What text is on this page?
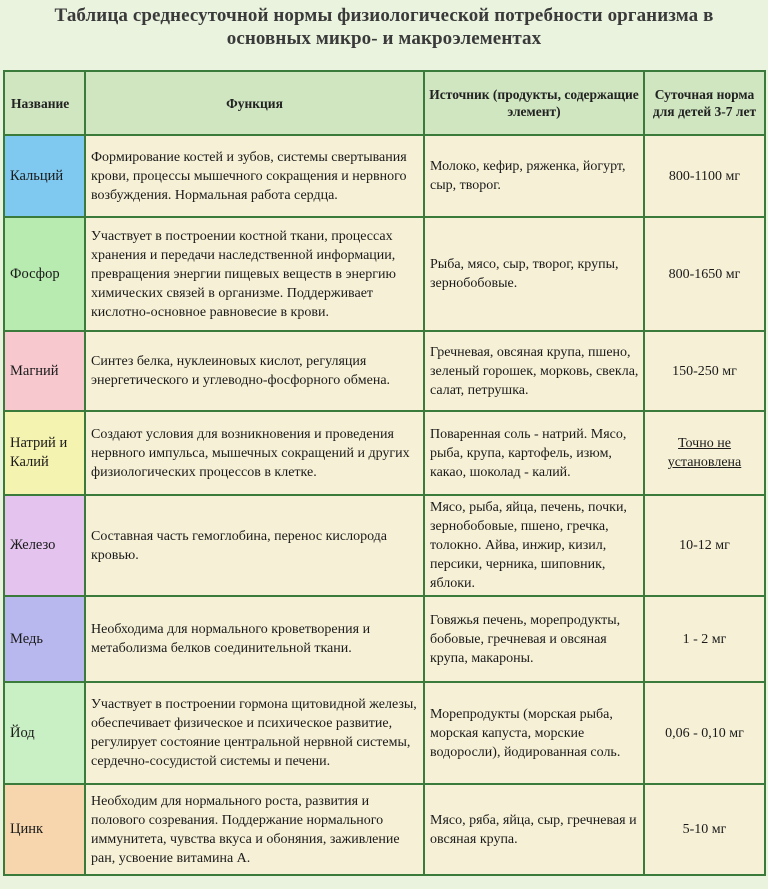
Таблица среднесуточной нормы физиологической потребности организма в
основных микро- и макроэлементах
Название	Функция	Источник (продукты, содержащие элемент)	Суточная норма для детей 3-7 лет
Кальций	Формирование костей и зубов, системы свертывания крови, процессы мышечного сокращения и нервного возбуждения. Нормальная работа сердца.	Молоко, кефир, ряженка, йогурт, сыр, творог.	800-1100 мг
Фосфор	Участвует в построении костной ткани, процессах хранения и передачи наследственной информации, превращения энергии пищевых веществ в энергию химических связей в организме. Поддерживает кислотно-основное равновесие в крови.	Рыба, мясо, сыр, творог, крупы, зернобобовые.	800-1650 мг
Магний	Синтез белка, нуклеиновых кислот, регуляция энергетического и углеводно-фосфорного обмена.	Гречневая, овсяная крупа, пшено, зеленый горошек, морковь, свекла, салат, петрушка.	150-250 мг
Натрий и Калий	Создают условия для возникновения и проведения нервного импульса, мышечных сокращений и других физиологических процессов в клетке.	Поваренная соль - натрий. Мясо, рыба, крупа, картофель, изюм, какао, шоколад - калий.	Точно не установлена
Железо	Составная часть гемоглобина, перенос кислорода кровью.	Мясо, рыба, яйца, печень, почки, зернобобовые, пшено, гречка, толокно. Айва, инжир, кизил, персики, черника, шиповник, яблоки.	10-12 мг
Медь	Необходима для нормального кроветворения и метаболизма белков соединительной ткани.	Говяжья печень, морепродукты, бобовые, гречневая и овсяная крупа, макароны.	1 - 2 мг
Йод	Участвует в построении гормона щитовидной железы, обеспечивает физическое и психическое развитие, регулирует состояние центральной нервной системы, сердечно-сосудистой системы и печени.	Морепродукты (морская рыба, морская капуста, морские водоросли), йодированная соль.	0,06 - 0,10 мг
Цинк	Необходим для нормального роста, развития и полового созревания. Поддержание нормального иммунитета, чувства вкуса и обоняния, заживление ран, усвоение витамина А.	Мясо, ряба, яйца, сыр, гречневая и овсяная крупа.	5-10 мг
